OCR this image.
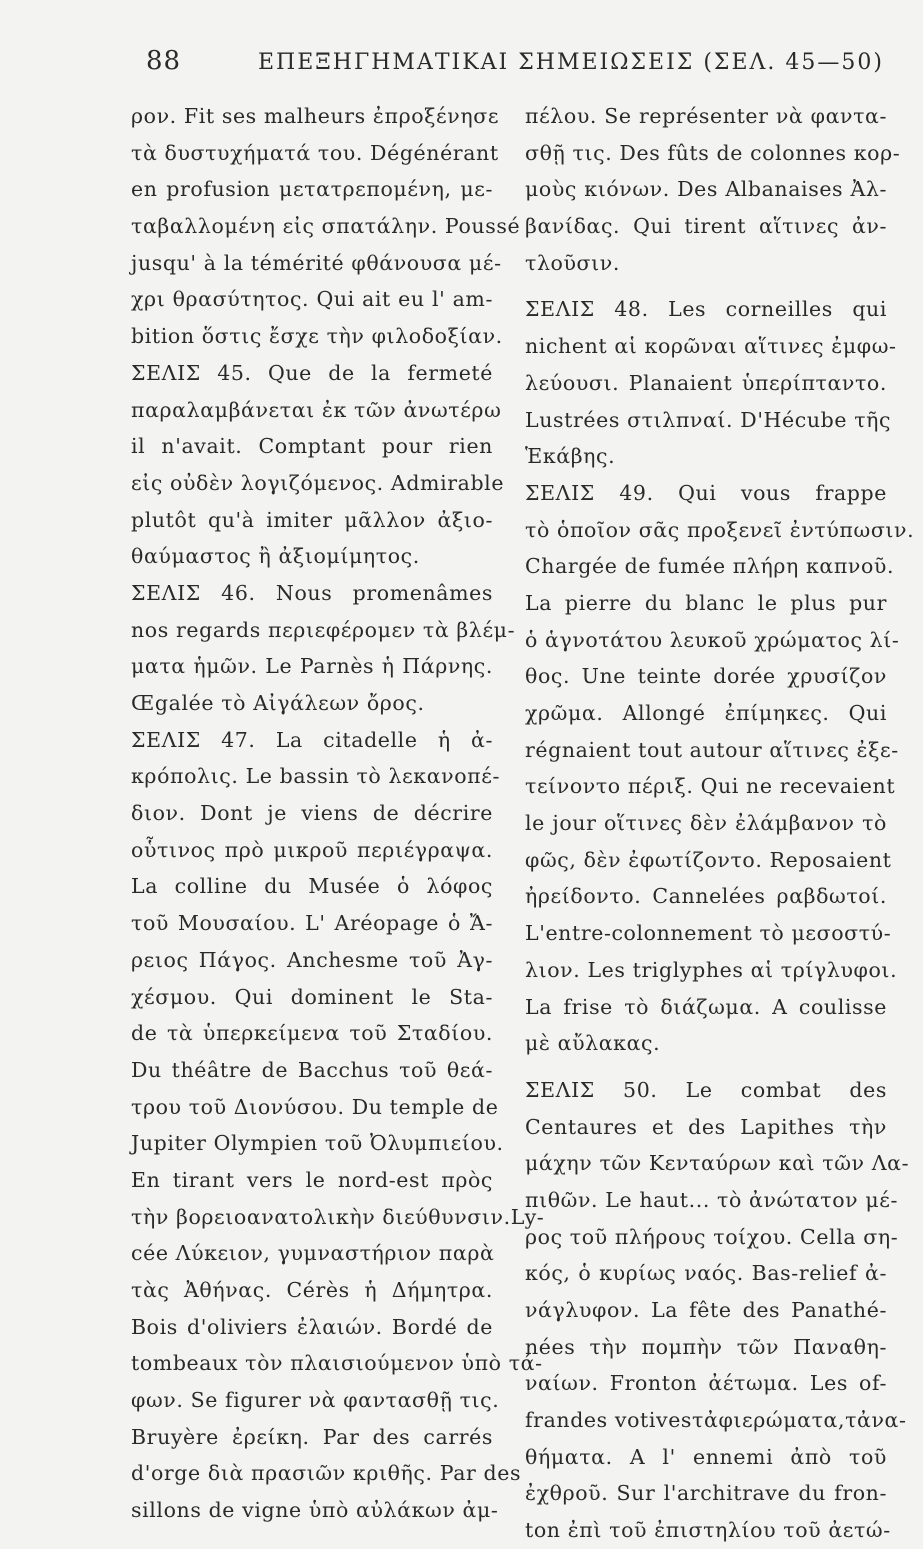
88	ΕΠΕΞΗΓΗΜΑΤΙΚΑΙ ΣΗΜΕΙΩΣΕΙΣ (ΣΕΛ. 45—50)
ρον. Fit ses malheurs ἐπροξένησε
τὰ δυστυχήματά του. Dégénérant
en profusion μετατρεπομένη, με-
ταβαλλομένη εἰς σπατάλην. Poussé
jusqu' à la témérité φθάνουσα μέ-
χρι θρασύτητος. Qui ait eu l' am-
bition ὅστις ἔσχε τὴν φιλοδοξίαν.
ΣΕΛΙΣ 45. Que de la fermeté
παραλαμβάνεται ἐκ τῶν ἀνωτέρω
il n'avait. Comptant pour rien
εἰς οὐδὲν λογιζόμενος. Admirable
plutôt qu'à imiter μᾶλλον ἀξιο-
θαύμαστος ἢ ἀξιομίμητος.
ΣΕΛΙΣ 46. Nous promenâmes
nos regards περιεφέρομεν τὰ βλέμ-
ματα ἡμῶν. Le Parnès ἡ Πάρνης.
Œgalée τὸ Αἰγάλεων ὄρος.
ΣΕΛΙΣ 47. La citadelle ἡ ἀ-
κρόπολις. Le bassin τὸ λεκανοπέ-
διον. Dont je viens de décrire
οὗτινος πρὸ μικροῦ περιέγραψα.
La colline du Musée ὁ λόφος
τοῦ Μουσαίου. L' Aréopage ὁ Ἄ-
ρειος Πάγος. Anchesme τοῦ Ἀγ-
χέσμου. Qui dominent le Sta-
de τὰ ὑπερκείμενα τοῦ Σταδίου.
Du théâtre de Bacchus τοῦ θεά-
τρου τοῦ Διονύσου. Du temple de
Jupiter Olympien τοῦ Ὀλυμπιείου.
En tirant vers le nord-est πρὸς
τὴν βορειοανατολικὴν διεύθυνσιν.Ly-
cée Λύκειον, γυμναστήριον παρὰ
τὰς Ἀθήνας. Cérès ἡ Δήμητρα.
Bois d'oliviers ἐλαιών. Bordé de
tombeaux τὸν πλαισιούμενον ὑπὸ τά-
φων. Se figurer νὰ φαντασθῇ τις.
Bruyère ἐρείκη. Par des carrés
d'orge διὰ πρασιῶν κριθῆς. Par des
sillons de vigne ὑπὸ αὐλάκων ἀμ-
πέλου. Se représenter νὰ φαντα-
σθῇ τις. Des fûts de colonnes κορ-
μοὺς κιόνων. Des Albanaises Ἀλ-
βανίδας. Qui tirent αἵτινες ἀν-
τλοῦσιν.
ΣΕΛΙΣ 48. Les corneilles qui
nichent αἱ κορῶναι αἵτινες ἐμφω-
λεύουσι. Planaient ὑπερίπταντο.
Lustrées στιλπναί. D'Hécube τῆς
Ἑκάβης.
ΣΕΛΙΣ 49. Qui vous frappe
τὸ ὁποῖον σᾶς προξενεῖ ἐντύπωσιν.
Chargée de fumée πλήρη καπνοῦ.
La pierre du blanc le plus pur
ὁ ἁγνοτάτου λευκοῦ χρώματος λί-
θος. Une teinte dorée χρυσίζον
χρῶμα. Allongé ἐπίμηκες. Qui
régnaient tout autour αἵτινες ἐξε-
τείνοντο πέριξ. Qui ne recevaient
le jour οἵτινες δὲν ἐλάμβανον τὸ
φῶς, δὲν ἐφωτίζοντο. Reposaient
ἠρείδοντο. Cannelées ραβδωτοί.
L'entre-colonnement τὸ μεσοστύ-
λιον. Les triglyphes αἱ τρίγλυφοι.
La frise τὸ διάζωμα. A coulisse
μὲ αὔλακας.
ΣΕΛΙΣ 50. Le combat des
Centaures et des Lapithes τὴν
μάχην τῶν Κενταύρων καὶ τῶν Λα-
πιθῶν. Le haut... τὸ ἀνώτατον μέ-
ρος τοῦ πλήρους τοίχου. Cella ση-
κός, ὁ κυρίως ναός. Bas-relief ἀ-
νάγλυφον. La fête des Panathé-
nées τὴν πομπὴν τῶν Παναθη-
ναίων. Fronton ἀέτωμα. Les of-
frandes votivesτἀφιερώματα,τἀνα-
θήματα. A l' ennemi ἀπὸ τοῦ
ἐχθροῦ. Sur l'architrave du fron-
ton ἐπὶ τοῦ ἐπιστηλίου τοῦ ἀετώ-
